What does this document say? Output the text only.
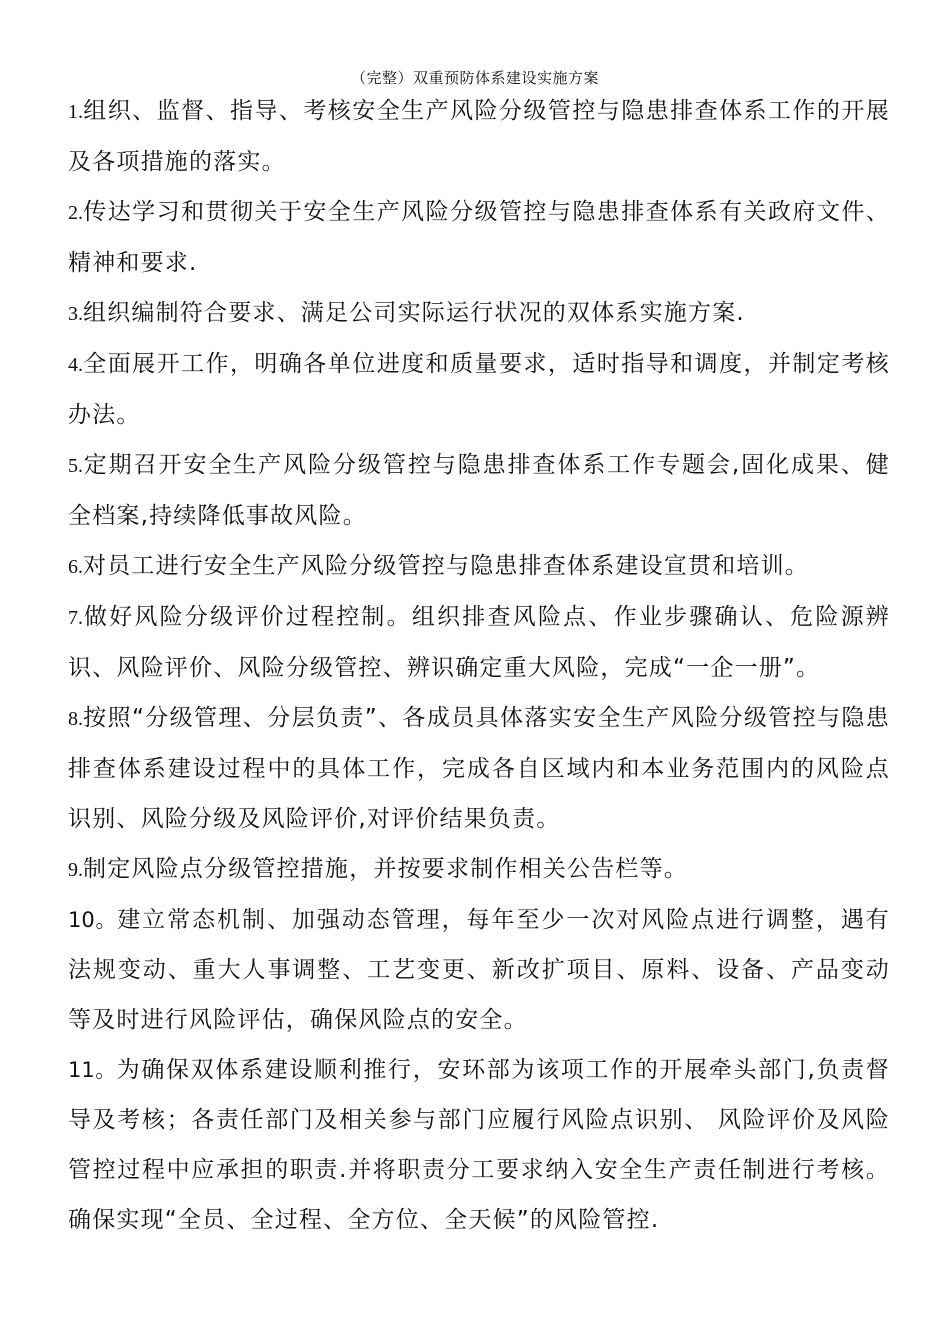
（完整）双重预防体系建设实施方案

1.组织、监督、指导、考核安全生产风险分级管控与隐患排查体系工作的开展及各项措施的落实。

2.传达学习和贯彻关于安全生产风险分级管控与隐患排查体系有关政府文件、精神和要求.

3.组织编制符合要求、满足公司实际运行状况的双体系实施方案.

4.全面展开工作，明确各单位进度和质量要求，适时指导和调度，并制定考核办法。

5.定期召开安全生产风险分级管控与隐患排查体系工作专题会,固化成果、健全档案,持续降低事故风险。

6.对员工进行安全生产风险分级管控与隐患排查体系建设宣贯和培训。

7.做好风险分级评价过程控制。组织排查风险点、作业步骤确认、危险源辨识、风险评价、风险分级管控、辨识确定重大风险，完成“一企一册”。

8.按照“分级管理、分层负责”、各成员具体落实安全生产风险分级管控与隐患排查体系建设过程中的具体工作，完成各自区域内和本业务范围内的风险点识别、风险分级及风险评价,对评价结果负责。

9.制定风险点分级管控措施，并按要求制作相关公告栏等。

10。建立常态机制、加强动态管理，每年至少一次对风险点进行调整，遇有法规变动、重大人事调整、工艺变更、新改扩项目、原料、设备、产品变动等及时进行风险评估，确保风险点的安全。

11。为确保双体系建设顺利推行，安环部为该项工作的开展牵头部门,负责督导及考核；各责任部门及相关参与部门应履行风险点识别、 风险评价及风险管控过程中应承担的职责.并将职责分工要求纳入安全生产责任制进行考核。确保实现“全员、全过程、全方位、全天候”的风险管控.
